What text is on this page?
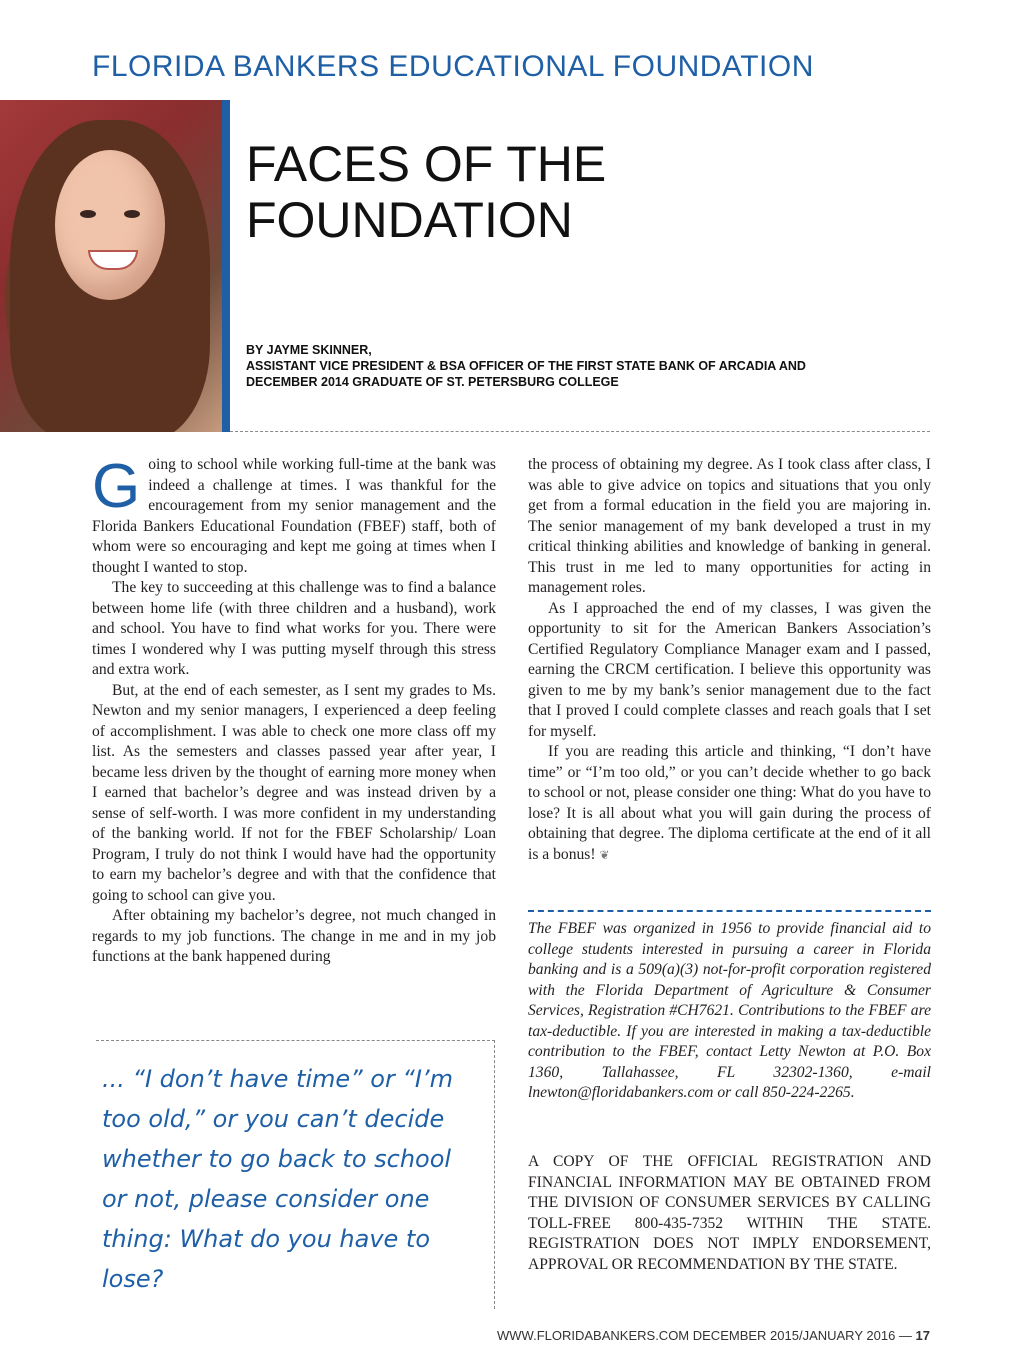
FLORIDA BANKERS EDUCATIONAL FOUNDATION
FACES OF THE
FOUNDATION
BY JAYME SKINNER,
ASSISTANT VICE PRESIDENT & BSA OFFICER OF THE FIRST STATE BANK OF ARCADIA AND
DECEMBER 2014 GRADUATE OF ST. PETERSBURG COLLEGE

Going to school while working full-time at the bank was indeed a challenge at times. I was thankful for the encouragement from my senior management and the Florida Bankers Educational Foundation (FBEF) staff, both of whom were so encouraging and kept me going at times when I thought I wanted to stop.

The key to succeeding at this challenge was to find a balance between home life (with three children and a husband), work and school. You have to find what works for you. There were times I wondered why I was putting myself through this stress and extra work.

But, at the end of each semester, as I sent my grades to Ms. Newton and my senior managers, I experienced a deep feeling of accomplishment. I was able to check one more class off my list. As the semesters and classes passed year after year, I became less driven by the thought of earning more money when I earned that bachelor’s degree and was instead driven by a sense of self-worth. I was more confident in my understanding of the banking world. If not for the FBEF Scholarship/ Loan Program, I truly do not think I would have had the opportunity to earn my bachelor’s degree and with that the confidence that going to school can give you.

After obtaining my bachelor’s degree, not much changed in regards to my job functions. The change in me and in my job functions at the bank happened during

... “I don’t have time” or “I’m too old,” or you can’t decide whether to go back to school or not, please consider one thing: What do you have to lose?

the process of obtaining my degree. As I took class after class, I was able to give advice on topics and situations that you only get from a formal education in the field you are majoring in. The senior management of my bank developed a trust in my critical thinking abilities and knowledge of banking in general. This trust in me led to many opportunities for acting in management roles.

As I approached the end of my classes, I was given the opportunity to sit for the American Bankers Association’s Certified Regulatory Compliance Manager exam and I passed, earning the CRCM certification. I believe this opportunity was given to me by my bank’s senior management due to the fact that I proved I could complete classes and reach goals that I set for myself.

If you are reading this article and thinking, “I don’t have time” or “I’m too old,” or you can’t decide whether to go back to school or not, please consider one thing: What do you have to lose? It is all about what you will gain during the process of obtaining that degree. The diploma certificate at the end of it all is a bonus! ❦

The FBEF was organized in 1956 to provide financial aid to college students interested in pursuing a career in Florida banking and is a 509(a)(3) not-for-profit corporation registered with the Florida Department of Agriculture & Consumer Services, Registration #CH7621. Contributions to the FBEF are tax-deductible. If you are interested in making a tax-deductible contribution to the FBEF, contact Letty Newton at P.O. Box 1360, Tallahassee, FL 32302-1360, e-mail lnewton@floridabankers.com or call 850-224-2265.

A COPY OF THE OFFICIAL REGISTRATION AND FINANCIAL INFORMATION MAY BE OBTAINED FROM THE DIVISION OF CONSUMER SERVICES BY CALLING TOLL-FREE 800-435-7352 WITHIN THE STATE. REGISTRATION DOES NOT IMPLY ENDORSEMENT, APPROVAL OR RECOMMENDATION BY THE STATE.

WWW.FLORIDABANKERS.COM DECEMBER 2015/JANUARY 2016 — 17
